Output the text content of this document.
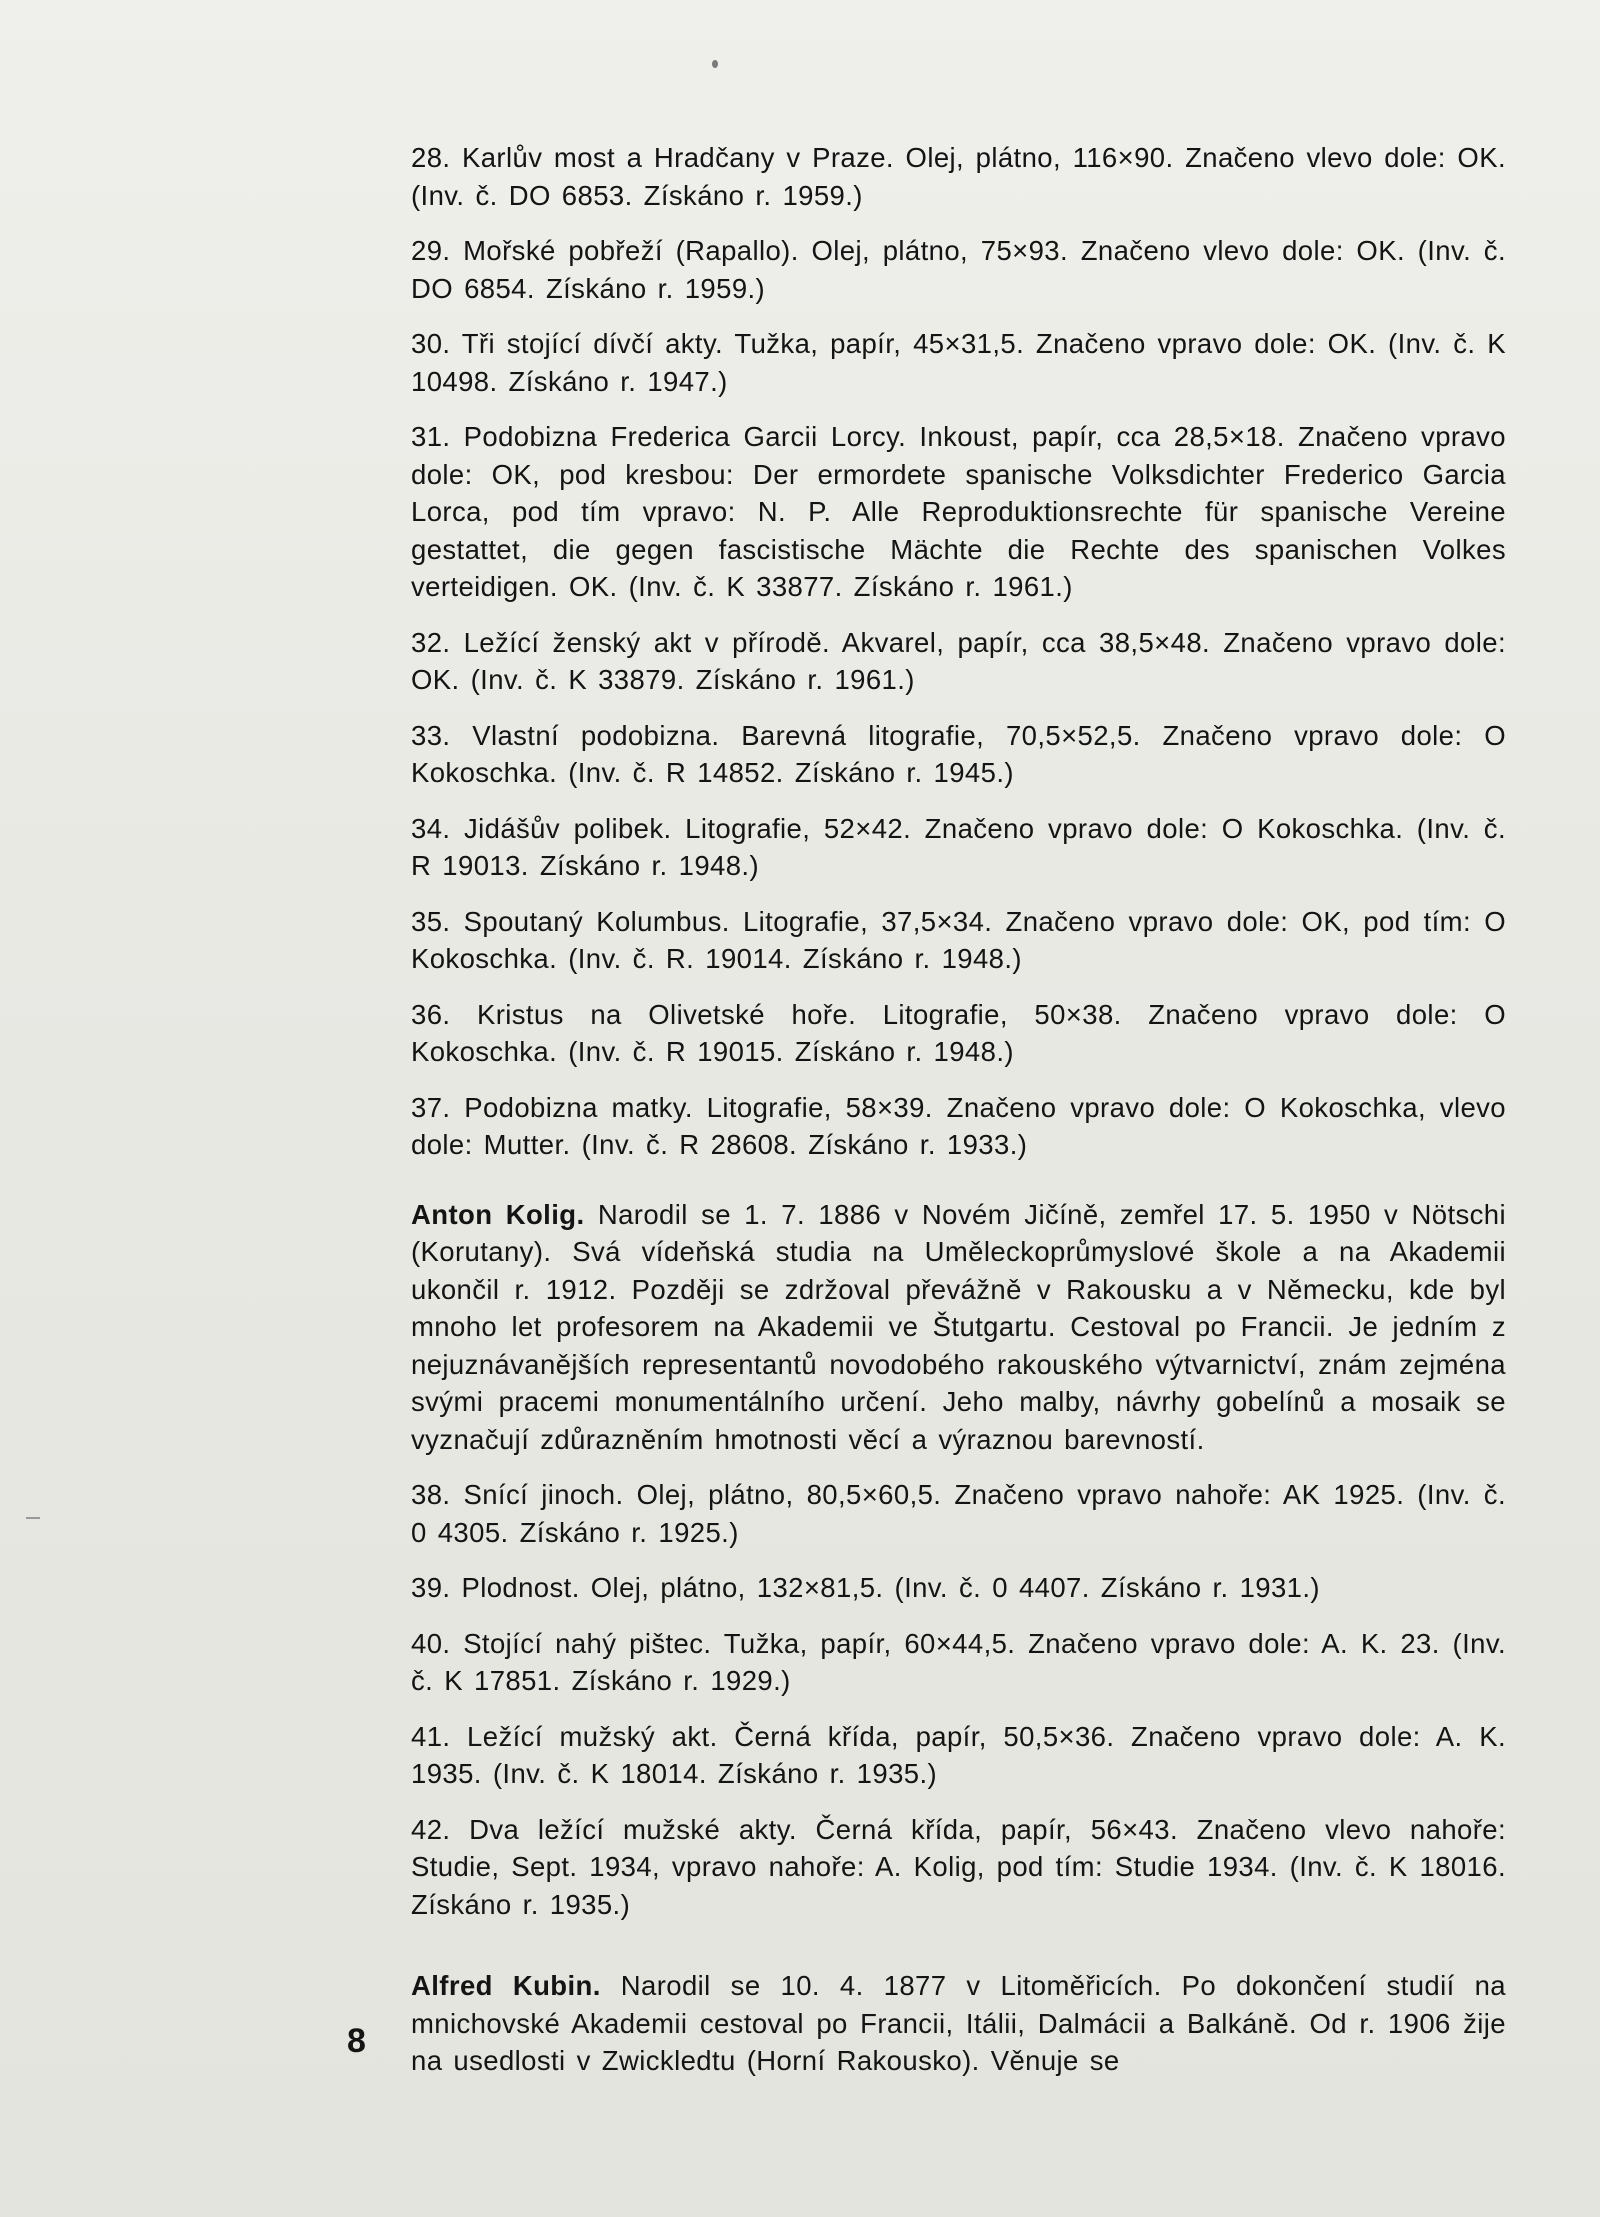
28. Karlův most a Hradčany v Praze. Olej, plátno, 116×90. Značeno vlevo dole: OK. (Inv. č. DO 6853. Získáno r. 1959.)

29. Mořské pobřeží (Rapallo). Olej, plátno, 75×93. Značeno vlevo dole: OK. (Inv. č. DO 6854. Získáno r. 1959.)

30. Tři stojící dívčí akty. Tužka, papír, 45×31,5. Značeno vpravo dole: OK. (Inv. č. K 10498. Získáno r. 1947.)

31. Podobizna Frederica Garcii Lorcy. Inkoust, papír, cca 28,5×18. Značeno vpravo dole: OK, pod kresbou: Der ermordete spanische Volksdichter Frederico Garcia Lorca, pod tím vpravo: N. P. Alle Reproduktionsrechte für spanische Vereine gestattet, die gegen fascistische Mächte die Rechte des spanischen Volkes verteidigen. OK. (Inv. č. K 33877. Získáno r. 1961.)

32. Ležící ženský akt v přírodě. Akvarel, papír, cca 38,5×48. Značeno vpravo dole: OK. (Inv. č. K 33879. Získáno r. 1961.)

33. Vlastní podobizna. Barevná litografie, 70,5×52,5. Značeno vpravo dole: O Kokoschka. (Inv. č. R 14852. Získáno r. 1945.)

34. Jidášův polibek. Litografie, 52×42. Značeno vpravo dole: O Kokoschka. (Inv. č. R 19013. Získáno r. 1948.)

35. Spoutaný Kolumbus. Litografie, 37,5×34. Značeno vpravo dole: OK, pod tím: O Kokoschka. (Inv. č. R. 19014. Získáno r. 1948.)

36. Kristus na Olivetské hoře. Litografie, 50×38. Značeno vpravo dole: O Kokoschka. (Inv. č. R 19015. Získáno r. 1948.)

37. Podobizna matky. Litografie, 58×39. Značeno vpravo dole: O Kokoschka, vlevo dole: Mutter. (Inv. č. R 28608. Získáno r. 1933.)

Anton Kolig. Narodil se 1. 7. 1886 v Novém Jičíně, zemřel 17. 5. 1950 v Nötschi (Korutany). Svá vídeňská studia na Uměleckoprůmyslové škole a na Akademii ukončil r. 1912. Později se zdržoval převážně v Rakousku a v Německu, kde byl mnoho let profesorem na Akademii ve Štutgartu. Cestoval po Francii. Je jedním z nejuznávanějších representantů novodobého rakouského výtvarnictví, znám zejména svými pracemi monumentálního určení. Jeho malby, návrhy gobelínů a mosaik se vyznačují zdůrazněním hmotnosti věcí a výraznou barevností.

38. Snící jinoch. Olej, plátno, 80,5×60,5. Značeno vpravo nahoře: AK 1925. (Inv. č. 0 4305. Získáno r. 1925.)

39. Plodnost. Olej, plátno, 132×81,5. (Inv. č. 0 4407. Získáno r. 1931.)

40. Stojící nahý pištec. Tužka, papír, 60×44,5. Značeno vpravo dole: A. K. 23. (Inv. č. K 17851. Získáno r. 1929.)

41. Ležící mužský akt. Černá křída, papír, 50,5×36. Značeno vpravo dole: A. K. 1935. (Inv. č. K 18014. Získáno r. 1935.)

42. Dva ležící mužské akty. Černá křída, papír, 56×43. Značeno vlevo nahoře: Studie, Sept. 1934, vpravo nahoře: A. Kolig, pod tím: Studie 1934. (Inv. č. K 18016. Získáno r. 1935.)

Alfred Kubin. Narodil se 10. 4. 1877 v Litoměřicích. Po dokončení studií na mnichovské Akademii cestoval po Francii, Itálii, Dalmácii a Balkáně. Od r. 1906 žije na usedlosti v Zwickledtu (Horní Rakousko). Věnuje se

8
